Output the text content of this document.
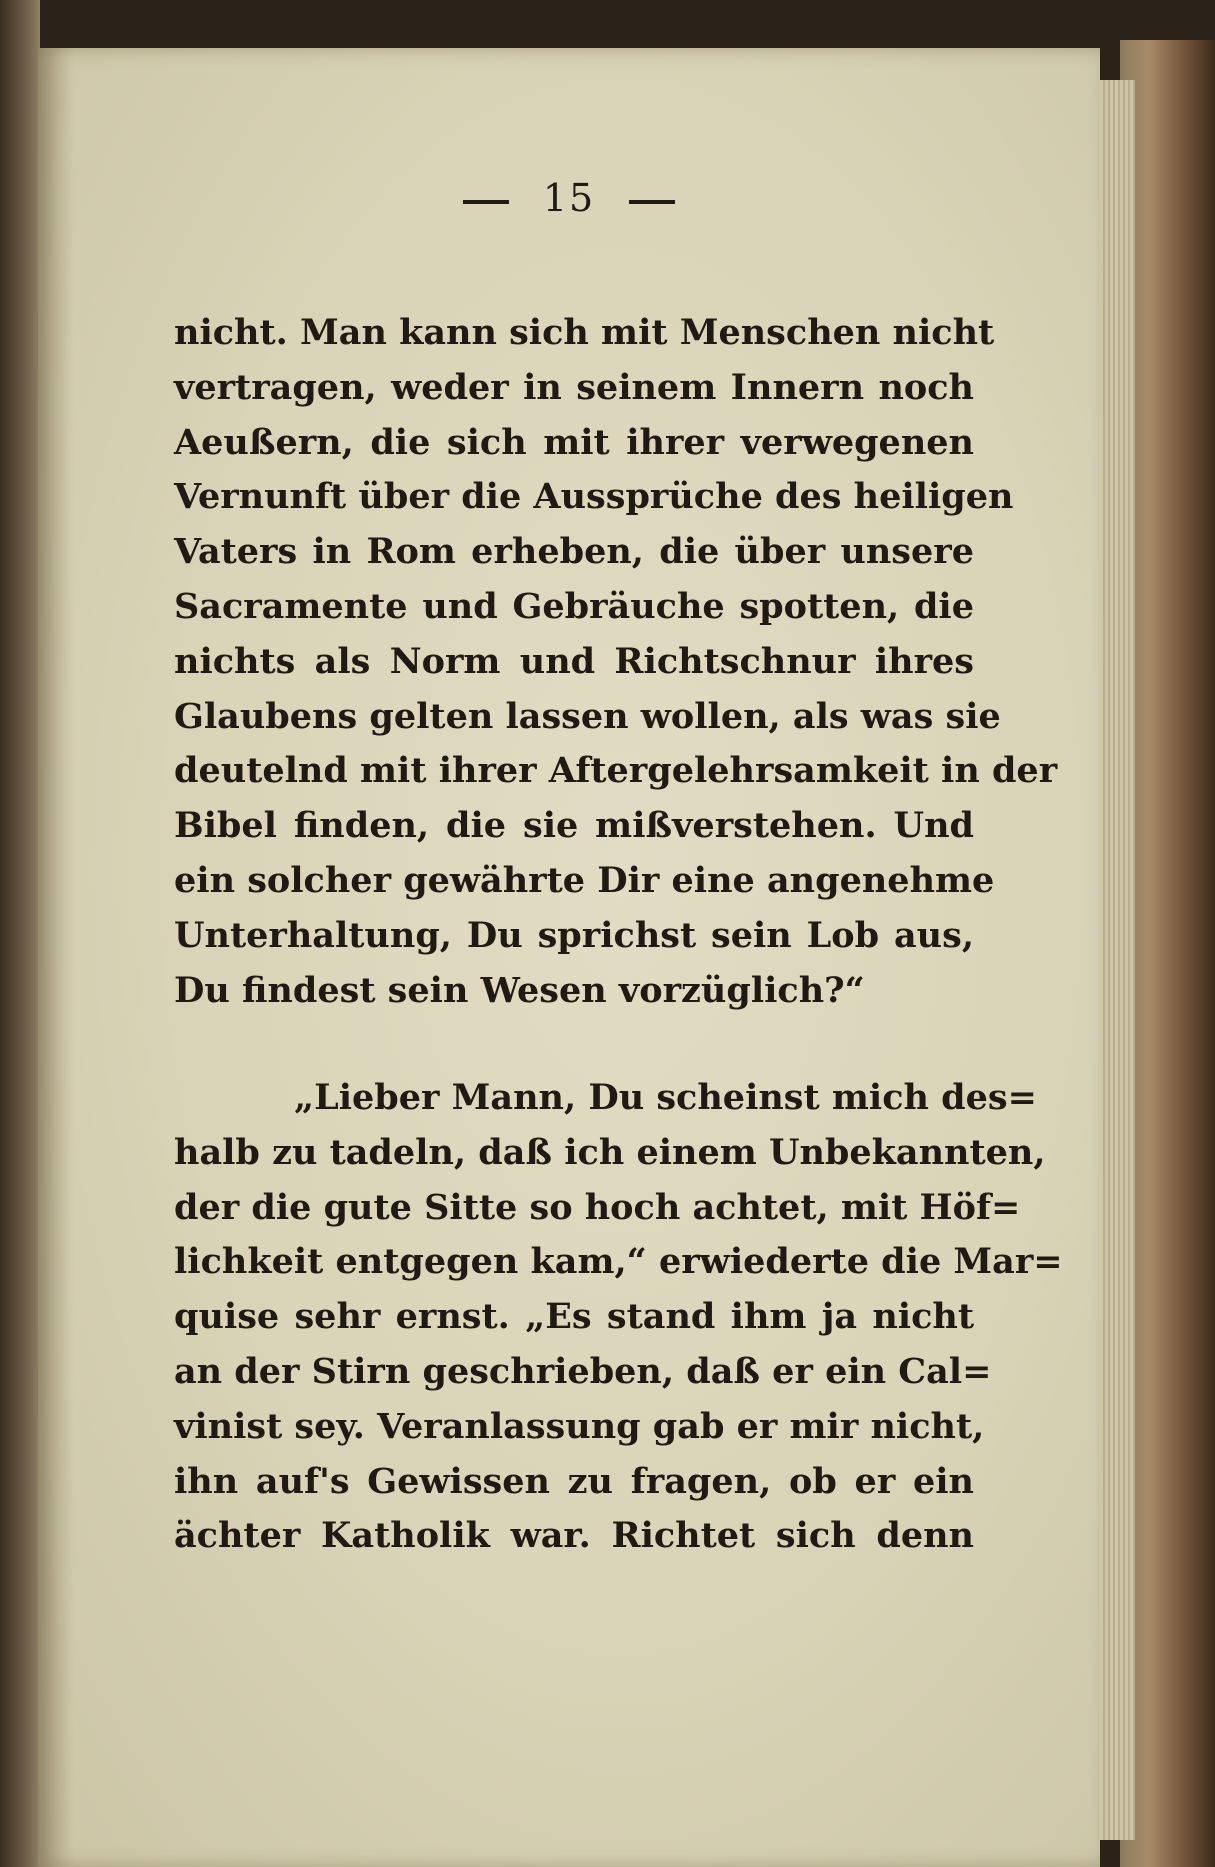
15
nicht. Man kann sich mit Menschen nicht
vertragen, weder in seinem Innern noch
Aeußern, die sich mit ihrer verwegenen
Vernunft über die Aussprüche des heiligen
Vaters in Rom erheben, die über unsere
Sacramente und Gebräuche spotten, die
nichts als Norm und Richtschnur ihres
Glaubens gelten lassen wollen, als was sie
deutelnd mit ihrer Aftergelehrsamkeit in der
Bibel finden, die sie mißverstehen. Und
ein solcher gewährte Dir eine angenehme
Unterhaltung, Du sprichst sein Lob aus,
Du findest sein Wesen vorzüglich?“
„Lieber Mann, Du scheinst mich des=
halb zu tadeln, daß ich einem Unbekannten,
der die gute Sitte so hoch achtet, mit Höf=
lichkeit entgegen kam,“ erwiederte die Mar=
quise sehr ernst. „Es stand ihm ja nicht
an der Stirn geschrieben, daß er ein Cal=
vinist sey. Veranlassung gab er mir nicht,
ihn auf's Gewissen zu fragen, ob er ein
ächter Katholik war. Richtet sich denn
